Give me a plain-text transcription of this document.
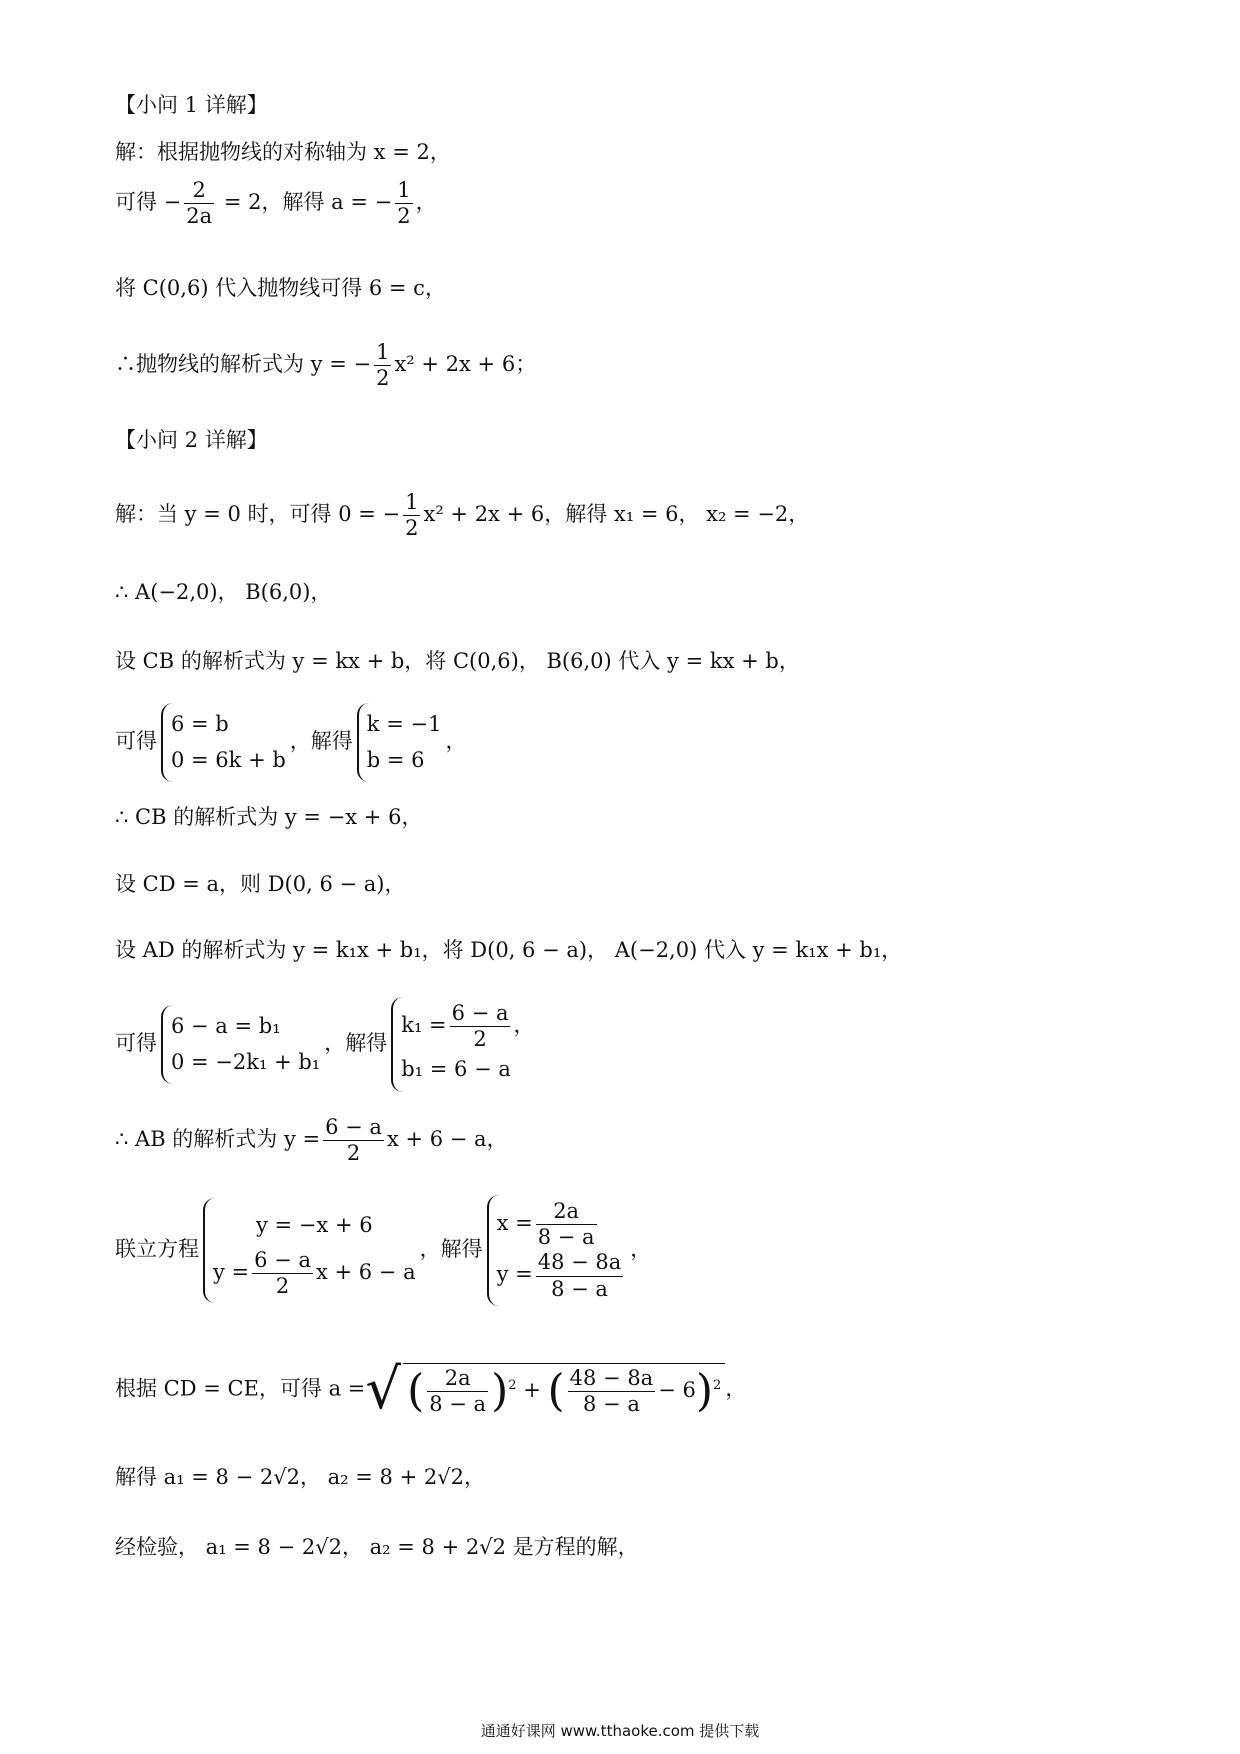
【小问 1 详解】
解：根据抛物线的对称轴为 x = 2，
可得 − $\frac{2}{2a} = 2$，解得 a = − $\frac{1}{2}$ ，
将 C(0,6) 代入抛物线可得 6 = c，
∴抛物线的解析式为 y = − $\frac{1}{2} x^2 + 2x + 6$；
【小问 2 详解】
解：当 y = 0 时，可得 0 = − $\frac{1}{2} x^2 + 2x + 6$，解得 x₁ = 6， x₂ = −2，
∴ A(−2,0)， B(6,0)，
设 CB 的解析式为 y = kx + b，将 C(0,6)， B(6,0) 代入 y = kx + b，
可得
6 = b
0 = 6k + b
，解得
k = −1
b = 6
，
∴ CB 的解析式为 y = −x + 6，
设 CD = a，则 D(0, 6 − a)，
设 AD 的解析式为 y = k₁x + b₁，将 D(0, 6 − a)， A(−2,0) 代入 y = k₁x + b₁，
可得
6 − a = b₁
0 = −2k₁ + b₁
，解得
$k_1 = \frac{6 - a}{2}$ ，
b₁ = 6 − a
∴ AB 的解析式为 $y = \frac{6 - a}{2}$ x + 6 − a，
联立方程
y = −x + 6
$y = \frac{6 - a}{2}$ x + 6 − a
，解得
$x = \frac{2a}{8 - a}$
$y = \frac{48 - 8a}{8 - a}$
，
根据 CD = CE，可得 a =√ ( $\frac{2a}{8 - a} )^2$ + ( $\frac{48 - 8a}{8 - a} - 6)^2$ ，
解得 a₁ = 8 − 2√2， a₂ = 8 + 2√2，
经检验， a₁ = 8 − 2√2， a₂ = 8 + 2√2 是方程的解，
通通好课网 www.tthaoke.com 提供下载
